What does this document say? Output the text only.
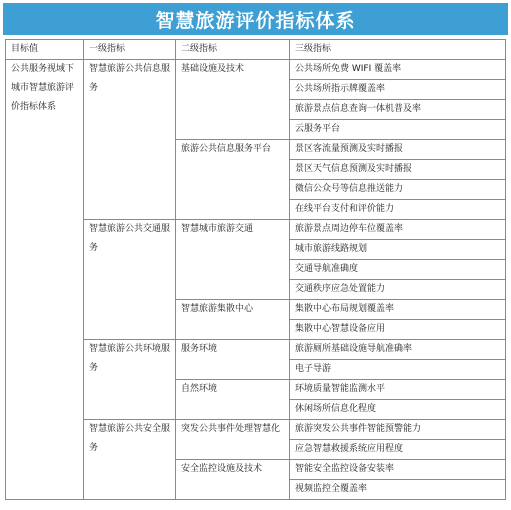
智慧旅游评价指标体系
目标值	一级指标	二级指标	三级指标
公共服务视域下城市智慧旅游评价指标体系	智慧旅游公共信息服务	基础设施及技术	公共场所免费 WIFI 覆盖率
			公共场所指示牌覆盖率
			旅游景点信息查询一体机普及率
			云服务平台
		旅游公共信息服务平台	景区客流量预测及实时播报
			景区天气信息预测及实时播报
			微信公众号等信息推送能力
			在线平台支付和评价能力
	智慧旅游公共交通服务	智慧城市旅游交通	旅游景点周边停车位覆盖率
			城市旅游线路规划
			交通导航准确度
			交通秩序应急处置能力
		智慧旅游集散中心	集散中心布局规划覆盖率
			集散中心智慧设备应用
	智慧旅游公共环境服务	服务环境	旅游厕所基础设施导航准确率
			电子导游
		自然环境	环境质量智能监测水平
			休闲场所信息化程度
	智慧旅游公共安全服务	突发公共事件处理智慧化	旅游突发公共事件智能预警能力
			应急智慧救援系统应用程度
		安全监控设施及技术	智能安全监控设备安装率
			视频监控全覆盖率
